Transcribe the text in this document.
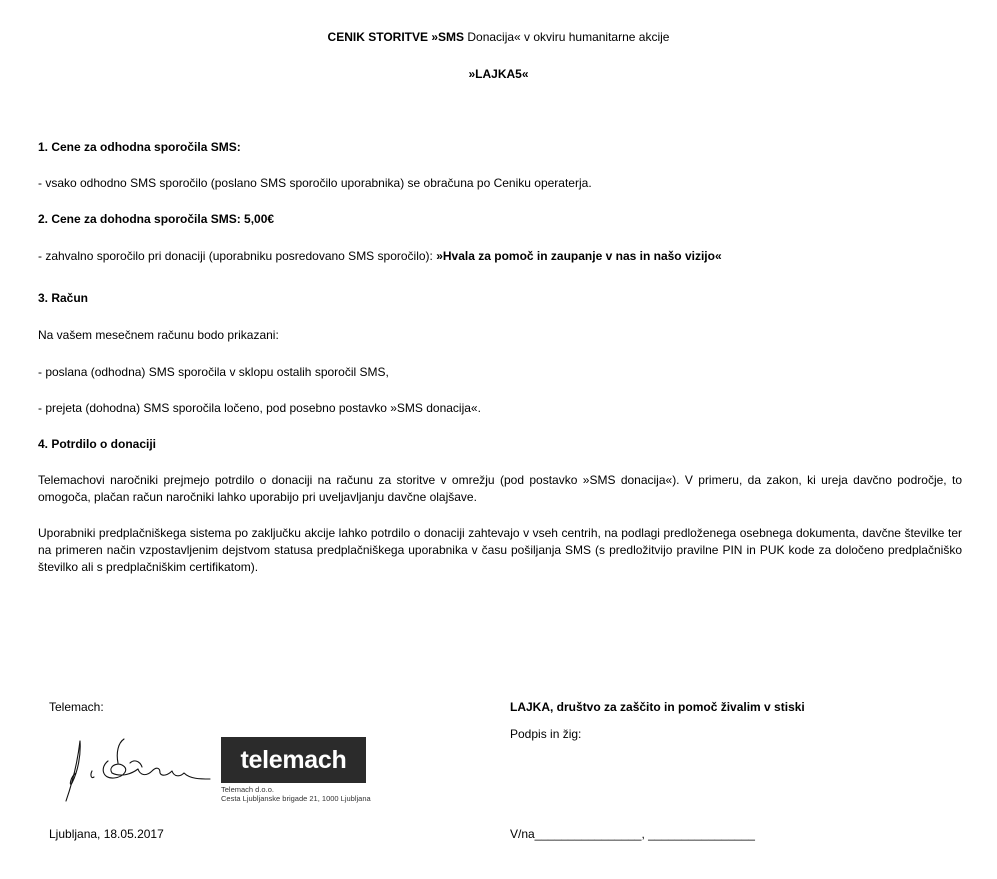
CENIK STORITVE »SMS Donacija« v okviru humanitarne akcije
»LAJKA5«
1. Cene za odhodna sporočila SMS:
- vsako odhodno SMS sporočilo (poslano SMS sporočilo uporabnika) se obračuna po Ceniku operaterja.
2. Cene za dohodna sporočila SMS: 5,00€
- zahvalno sporočilo pri donaciji (uporabniku posredovano SMS sporočilo): »Hvala za pomoč in zaupanje v nas in našo vizijo«
3. Račun
Na vašem mesečnem računu bodo prikazani:
- poslana (odhodna) SMS sporočila v sklopu ostalih sporočil SMS,
- prejeta (dohodna) SMS sporočila ločeno, pod posebno postavko »SMS donacija«.
4. Potrdilo o donaciji
Telemachovi naročniki prejmejo potrdilo o donaciji na računu za storitve v omrežju (pod postavko »SMS donacija«). V primeru, da zakon, ki ureja davčno področje, to omogoča, plačan račun naročniki lahko uporabijo pri uveljavljanju davčne olajšave.
Uporabniki predplačniškega sistema po zaključku akcije lahko potrdilo o donaciji zahtevajo v vseh centrih, na podlagi predloženega osebnega dokumenta, davčne številke ter na primeren način vzpostavljenim dejstvom statusa predplačniškega uporabnika v času pošiljanja SMS (s predložitvijo pravilne PIN in PUK kode za določeno predplačniško številko ali s predplačniškim certifikatom).
Telemach:
telemach
Telemach d.o.o.
Cesta Ljubljanske brigade 21, 1000 Ljubljana
Ljubljana, 18.05.2017
LAJKA, društvo za zaščito in pomoč živalim v stiski
Podpis in žig:
V/na________________, ________________
